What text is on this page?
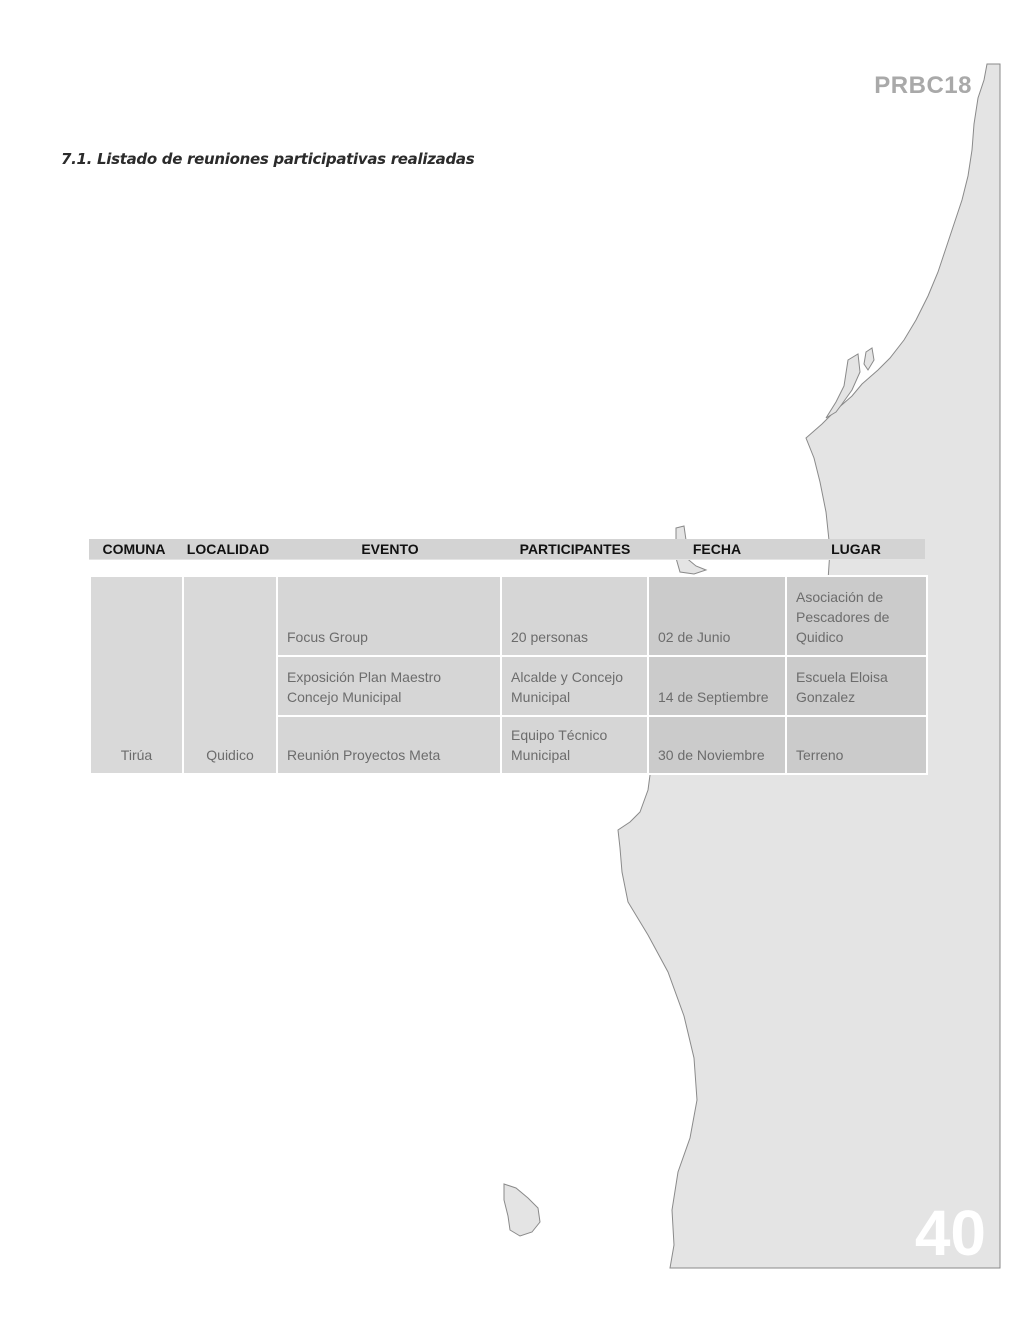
PRBC18
7.1. Listado de reuniones participativas realizadas
COMUNA	LOCALIDAD	EVENTO	PARTICIPANTES	FECHA	LUGAR
Tirúa	Quidico	Focus Group	20 personas	02 de Junio	Asociación de Pescadores de Quidico
		Exposición Plan Maestro Concejo Municipal	Alcalde y Concejo Municipal	14 de Septiembre	Escuela Eloisa Gonzalez
		Reunión Proyectos Meta	Equipo Técnico Municipal	30 de Noviembre	Terreno
40
